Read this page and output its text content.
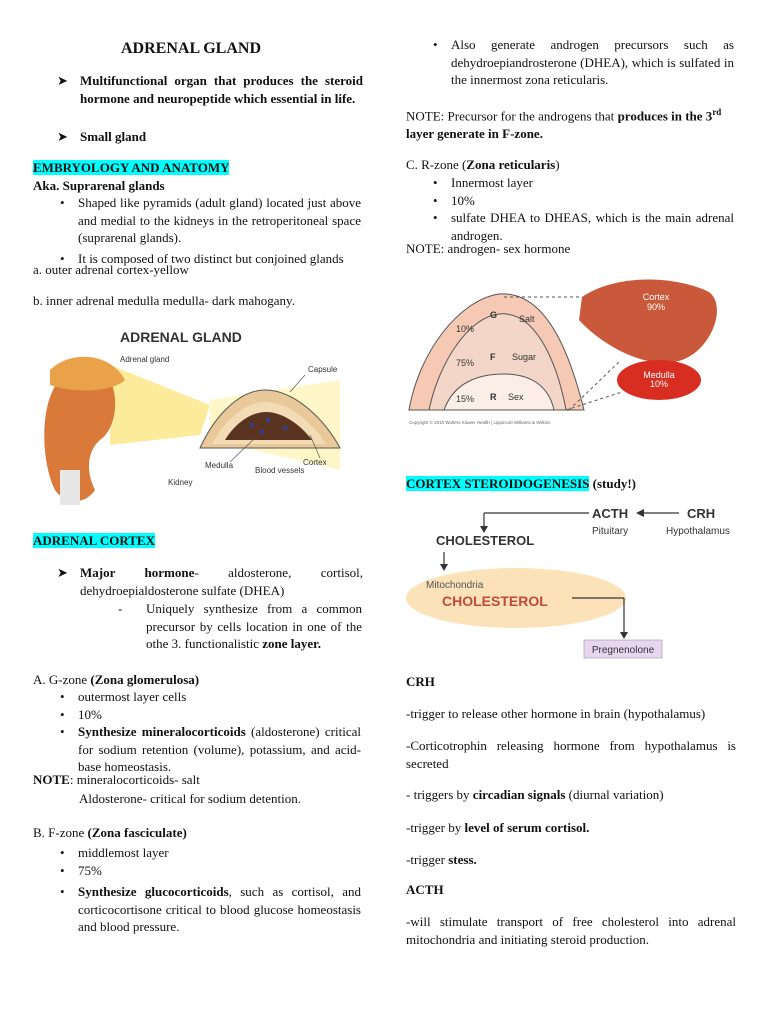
ADRENAL GLAND
➤ Multifunctional organ that produces the steroid hormone and neuropeptide which essential in life.
➤ Small gland
EMBRYOLOGY AND ANATOMY
Aka. Suprarenal glands
• Shaped like pyramids (adult gland) located just above and medial to the kidneys in the retroperitoneal space (suprarenal glands).
• It is composed of two distinct but conjoined glands
a. outer adrenal cortex-yellow
b. inner adrenal medulla medulla- dark mahogany.
ADRENAL GLAND
Adrenal gland
Capsule
Medulla
Blood vessels
Cortex
Kidney
ADRENAL CORTEX
➤ Major hormone- aldosterone, cortisol, dehydroepialdosterone sulfate (DHEA)
- Uniquely synthesize from a common precursor by cells location in one of the othe 3. functionalistic zone layer.
A. G-zone (Zona glomerulosa)
• outermost layer cells
• 10%
• Synthesize mineralocorticoids (aldosterone) critical for sodium retention (volume), potassium, and acid-base homeostasis.
NOTE: mineralocorticoids- salt
Aldosterone- critical for sodium detention.
B. F-zone (Zona fasciculate)
• middlemost layer
• 75%
• Synthesize glucocorticoids, such as cortisol, and corticocortisone critical to blood glucose homeostasis and blood pressure.
• Also generate androgen precursors such as dehydroepiandrosterone (DHEA), which is sulfated in the innermost zona reticularis.
NOTE: Precursor for the androgens that produces in the 3rd layer generate in F-zone.
C. R-zone (Zona reticularis)
• Innermost layer
• 10%
• sulfate DHEA to DHEAS, which is the main adrenal androgen.
NOTE: androgen- sex hormone
10%
G Salt
75%
F Sugar
15% R Sex
Cortex
90%
Medulla
10%
Copyright © 2010 Wolters Kluwer Health | Lippincott Williams & Wilkins
CORTEX STEROIDOGENESIS (study!)
ACTH
Pituitary
CRH
Hypothalamus
CHOLESTEROL
Mitochondria
CHOLESTEROL
Pregnenolone
CRH
-trigger to release other hormone in brain (hypothalamus)
-Corticotrophin releasing hormone from hypothalamus is secreted
- triggers by circadian signals (diurnal variation)
-trigger by level of serum cortisol.
-trigger stess.
ACTH
-will stimulate transport of free cholesterol into adrenal mitochondria and initiating steroid production.
